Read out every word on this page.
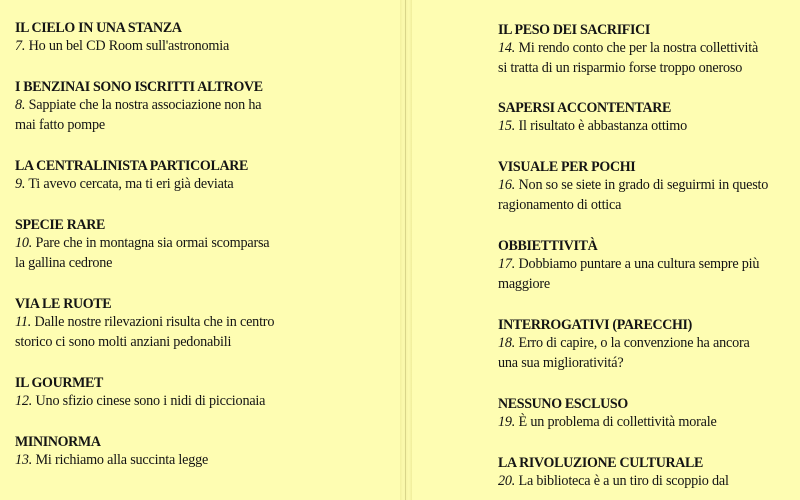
IL CIELO IN UNA STANZA
7. Ho un bel CD Room sull'astronomia
I BENZINAI SONO ISCRITTI ALTROVE
8. Sappiate che la nostra associazione non ha
mai fatto pompe
LA CENTRALINISTA PARTICOLARE
9. Ti avevo cercata, ma ti eri già deviata
SPECIE RARE
10. Pare che in montagna sia ormai scomparsa
la gallina cedrone
VIA LE RUOTE
11. Dalle nostre rilevazioni risulta che in centro
storico ci sono molti anziani pedonabili
IL GOURMET
12. Uno sfizio cinese sono i nidi di piccionaia
MININORMA
13. Mi richiamo alla succinta legge
IL PESO DEI SACRIFICI
14. Mi rendo conto che per la nostra collettività
si tratta di un risparmio forse troppo oneroso
SAPERSI ACCONTENTARE
15. Il risultato è abbastanza ottimo
VISUALE PER POCHI
16. Non so se siete in grado di seguirmi in questo
ragionamento di ottica
OBBIETTIVITÀ
17. Dobbiamo puntare a una cultura sempre più
maggiore
INTERROGATIVI (PARECCHI)
18. Erro di capire, o la convenzione ha ancora
una sua migliorativitá?
NESSUNO ESCLUSO
19. È un problema di collettività morale
LA RIVOLUZIONE CULTURALE
20. La biblioteca è a un tiro di scoppio dal
